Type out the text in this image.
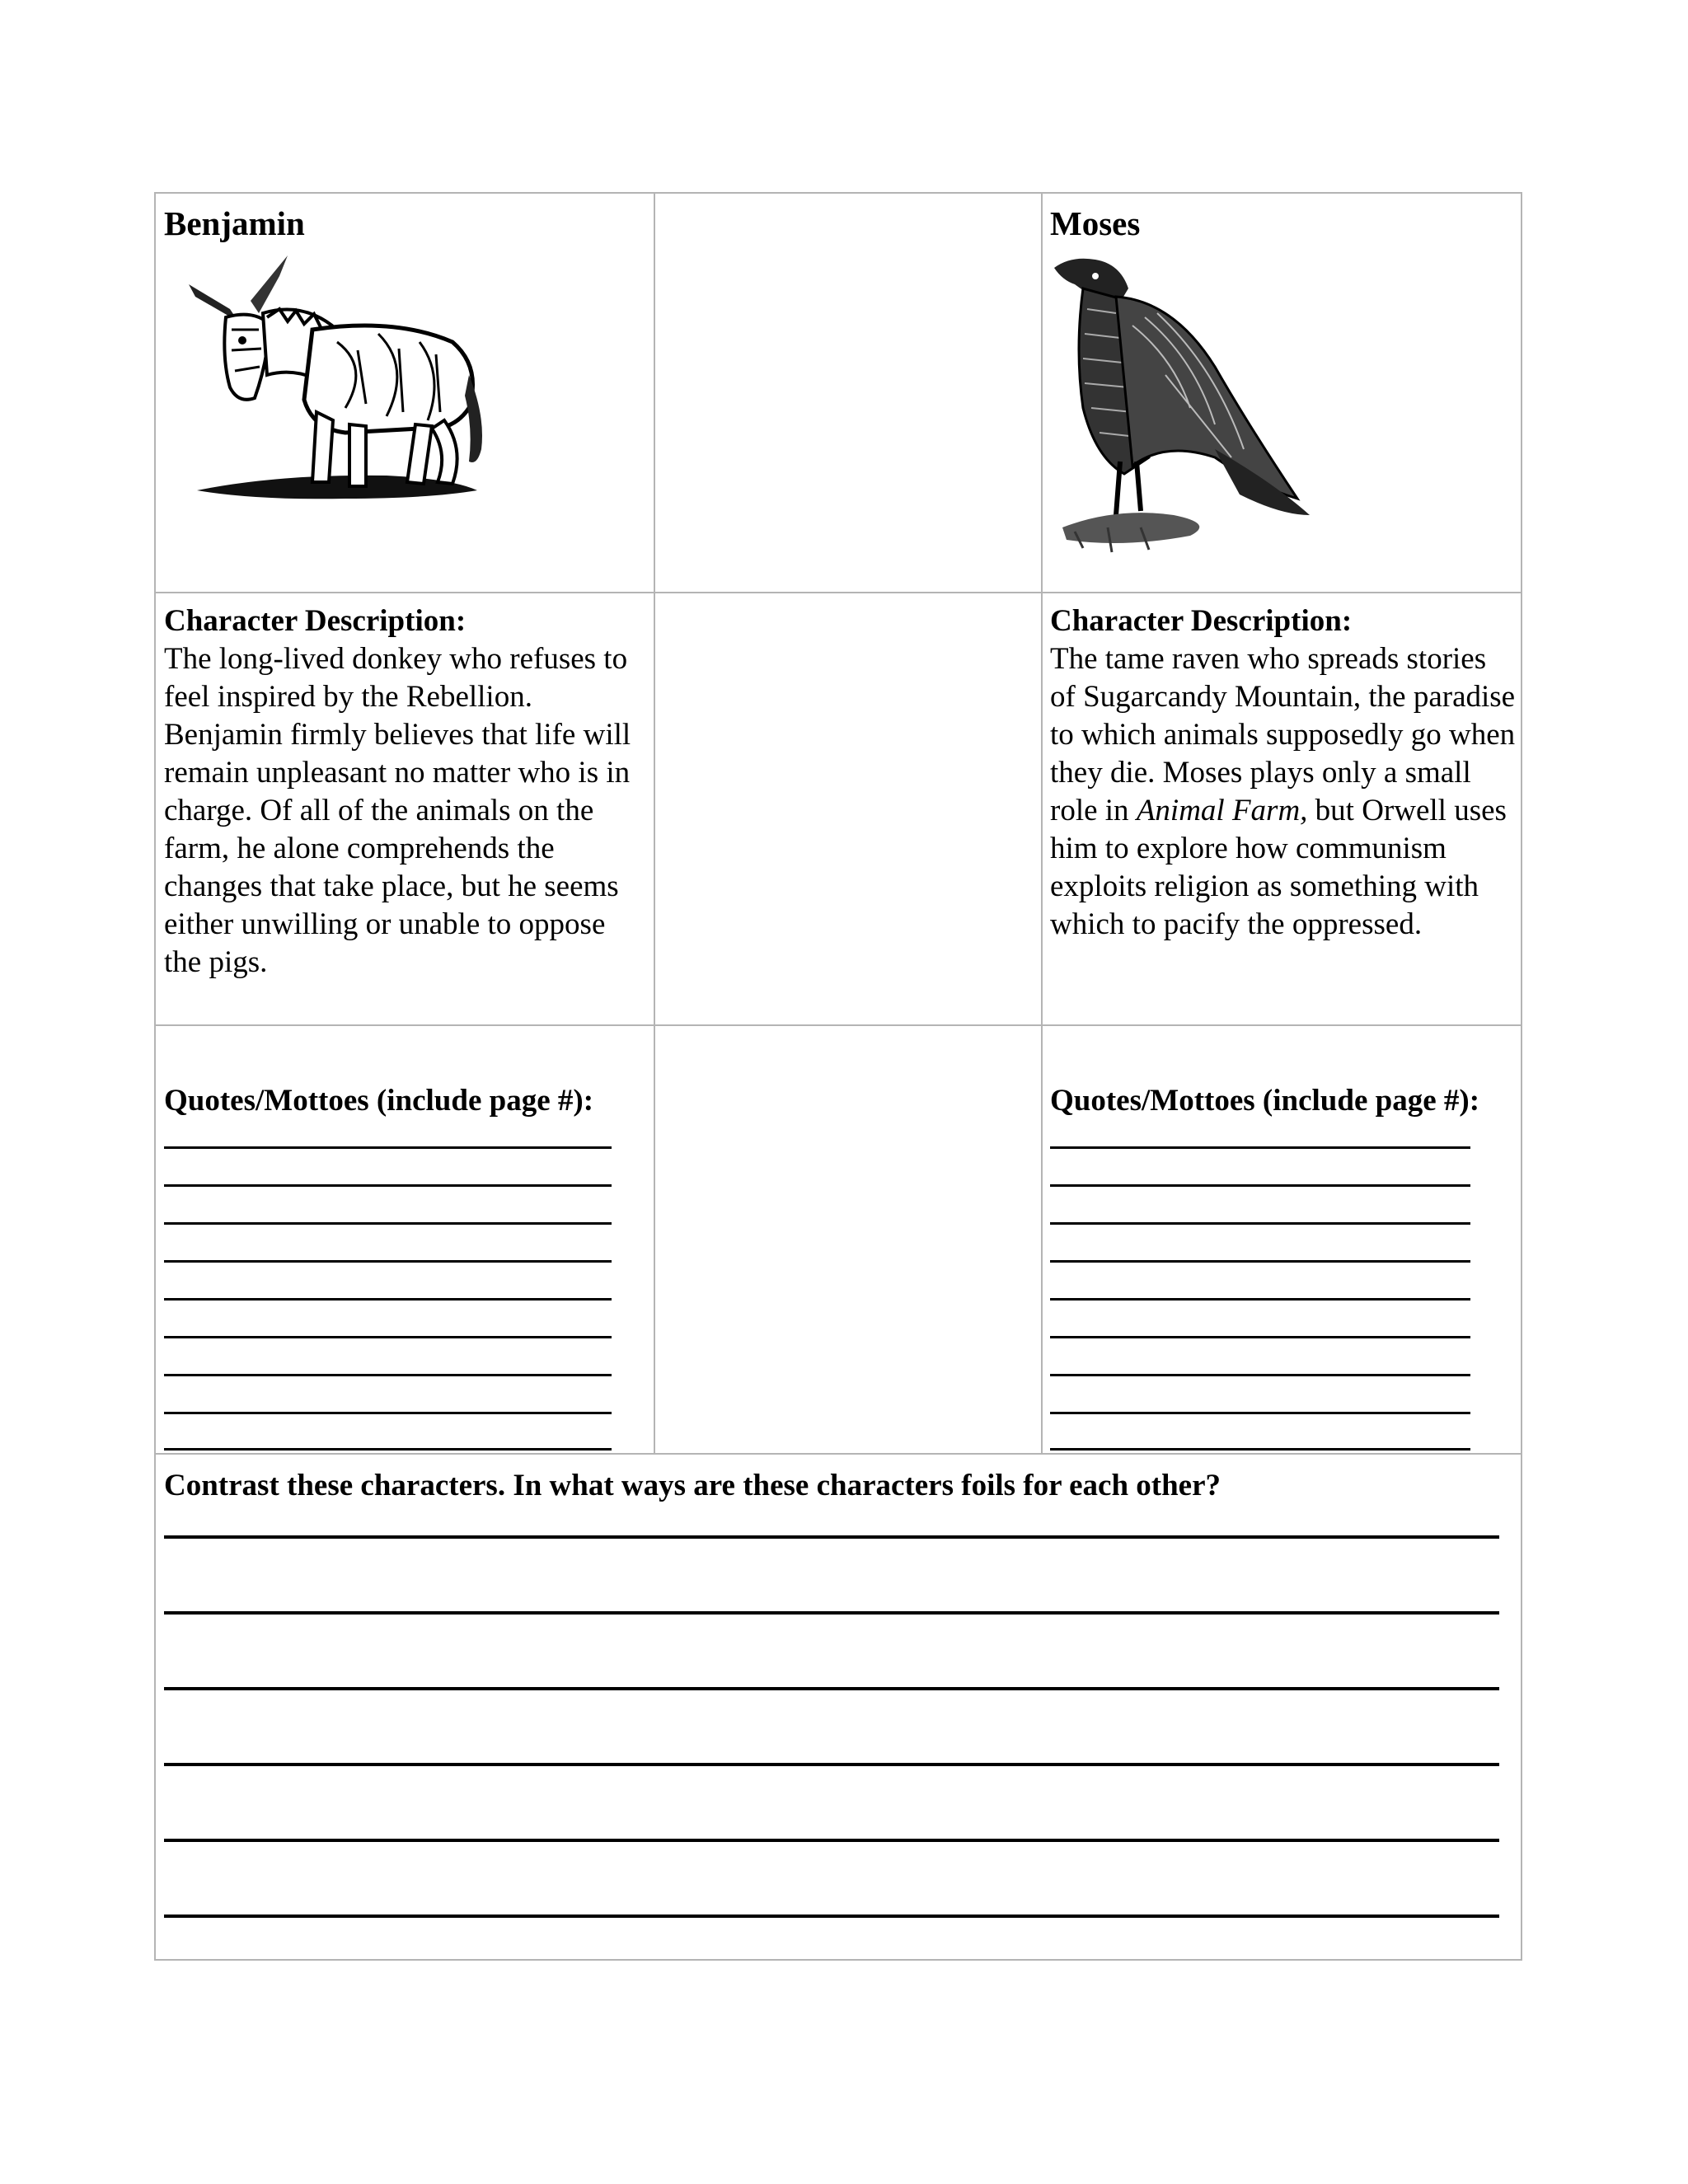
Benjamin	Moses
Character Description:
The long-lived donkey who refuses to feel inspired by the Rebellion. Benjamin firmly believes that life will remain unpleasant no matter who is in charge. Of all of the animals on the farm, he alone comprehends the changes that take place, but he seems either unwilling or unable to oppose the pigs.
Character Description:
The tame raven who spreads stories of Sugarcandy Mountain, the paradise to which animals supposedly go when they die. Moses plays only a small role in Animal Farm, but Orwell uses him to explore how communism exploits religion as something with which to pacify the oppressed.
Quotes/Mottoes (include page #):	Quotes/Mottoes (include page #):
Contrast these characters. In what ways are these characters foils for each other?
